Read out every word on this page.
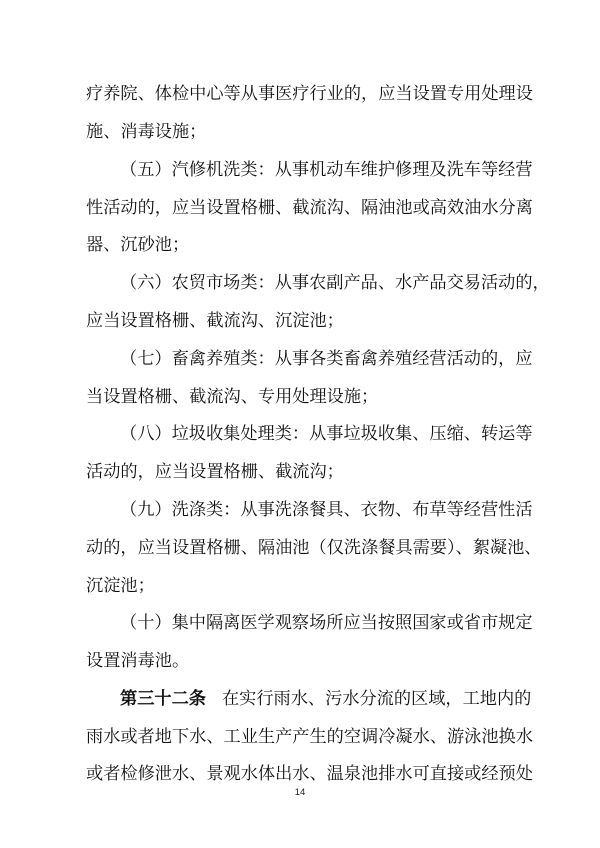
疗养院、体检中心等从事医疗行业的，应当设置专用处理设
施、消毒设施；
（五）汽修机洗类：从事机动车维护修理及洗车等经营
性活动的，应当设置格栅、截流沟、隔油池或高效油水分离
器、沉砂池；
（六）农贸市场类：从事农副产品、水产品交易活动的，
应当设置格栅、截流沟、沉淀池；
（七）畜禽养殖类：从事各类畜禽养殖经营活动的，应
当设置格栅、截流沟、专用处理设施；
（八）垃圾收集处理类：从事垃圾收集、压缩、转运等
活动的，应当设置格栅、截流沟；
（九）洗涤类：从事洗涤餐具、衣物、布草等经营性活
动的，应当设置格栅、隔油池（仅洗涤餐具需要）、絮凝池、
沉淀池；
（十）集中隔离医学观察场所应当按照国家或省市规定
设置消毒池。
第三十二条 在实行雨水、污水分流的区域，工地内的
雨水或者地下水、工业生产产生的空调冷凝水、游泳池换水
或者检修泄水、景观水体出水、温泉池排水可直接或经预处
14
